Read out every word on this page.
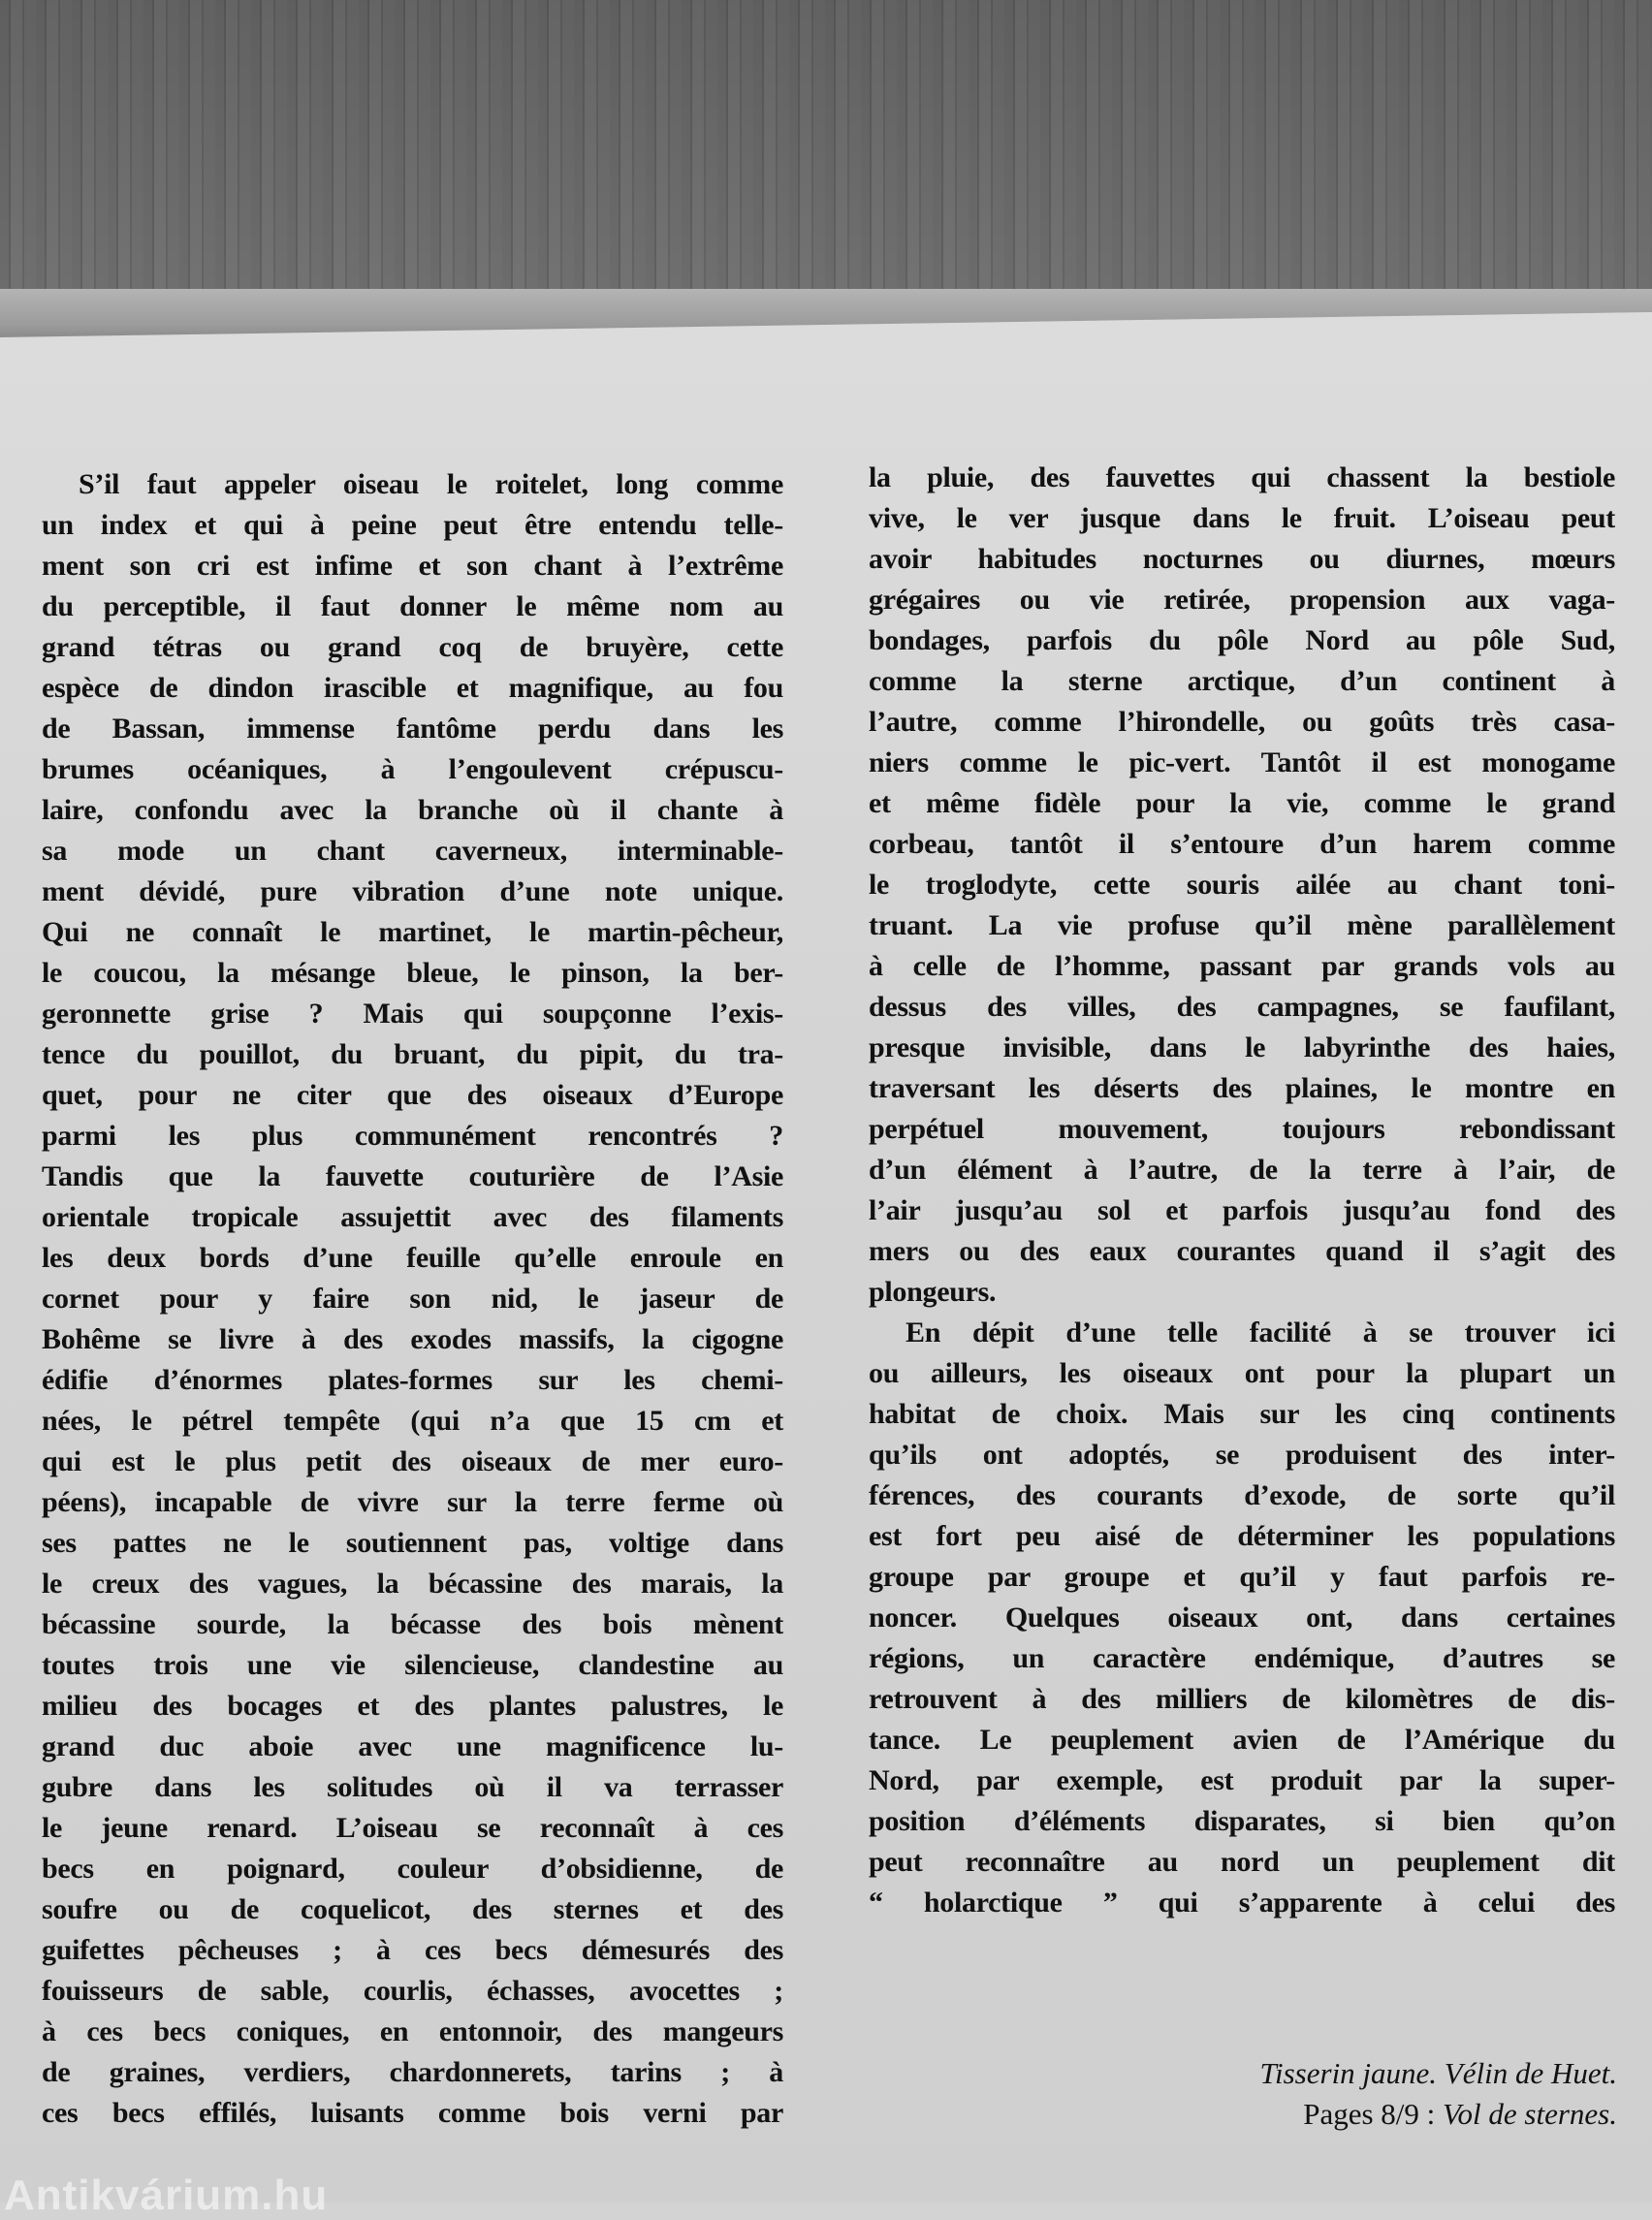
S’il faut appeler oiseau le roitelet, long comme
un index et qui à peine peut être entendu telle-
ment son cri est infime et son chant à l’extrême
du perceptible, il faut donner le même nom au
grand tétras ou grand coq de bruyère, cette
espèce de dindon irascible et magnifique, au fou
de Bassan, immense fantôme perdu dans les
brumes océaniques, à l’engoulevent crépuscu-
laire, confondu avec la branche où il chante à
sa mode un chant caverneux, interminable-
ment dévidé, pure vibration d’une note unique.
Qui ne connaît le martinet, le martin-pêcheur,
le coucou, la mésange bleue, le pinson, la ber-
geronnette grise ? Mais qui soupçonne l’exis-
tence du pouillot, du bruant, du pipit, du tra-
quet, pour ne citer que des oiseaux d’Europe
parmi les plus communément rencontrés ?
Tandis que la fauvette couturière de l’Asie
orientale tropicale assujettit avec des filaments
les deux bords d’une feuille qu’elle enroule en
cornet pour y faire son nid, le jaseur de
Bohême se livre à des exodes massifs, la cigogne
édifie d’énormes plates-formes sur les chemi-
nées, le pétrel tempête (qui n’a que 15 cm et
qui est le plus petit des oiseaux de mer euro-
péens), incapable de vivre sur la terre ferme où
ses pattes ne le soutiennent pas, voltige dans
le creux des vagues, la bécassine des marais, la
bécassine sourde, la bécasse des bois mènent
toutes trois une vie silencieuse, clandestine au
milieu des bocages et des plantes palustres, le
grand duc aboie avec une magnificence lu-
gubre dans les solitudes où il va terrasser
le jeune renard. L’oiseau se reconnaît à ces
becs en poignard, couleur d’obsidienne, de
soufre ou de coquelicot, des sternes et des
guifettes pêcheuses ; à ces becs démesurés des
fouisseurs de sable, courlis, échasses, avocettes ;
à ces becs coniques, en entonnoir, des mangeurs
de graines, verdiers, chardonnerets, tarins ; à
ces becs effilés, luisants comme bois verni par
la pluie, des fauvettes qui chassent la bestiole
vive, le ver jusque dans le fruit. L’oiseau peut
avoir habitudes nocturnes ou diurnes, mœurs
grégaires ou vie retirée, propension aux vaga-
bondages, parfois du pôle Nord au pôle Sud,
comme la sterne arctique, d’un continent à
l’autre, comme l’hirondelle, ou goûts très casa-
niers comme le pic-vert. Tantôt il est monogame
et même fidèle pour la vie, comme le grand
corbeau, tantôt il s’entoure d’un harem comme
le troglodyte, cette souris ailée au chant toni-
truant. La vie profuse qu’il mène parallèlement
à celle de l’homme, passant par grands vols au
dessus des villes, des campagnes, se faufilant,
presque invisible, dans le labyrinthe des haies,
traversant les déserts des plaines, le montre en
perpétuel mouvement, toujours rebondissant
d’un élément à l’autre, de la terre à l’air, de
l’air jusqu’au sol et parfois jusqu’au fond des
mers ou des eaux courantes quand il s’agit des
plongeurs.
En dépit d’une telle facilité à se trouver ici
ou ailleurs, les oiseaux ont pour la plupart un
habitat de choix. Mais sur les cinq continents
qu’ils ont adoptés, se produisent des inter-
férences, des courants d’exode, de sorte qu’il
est fort peu aisé de déterminer les populations
groupe par groupe et qu’il y faut parfois re-
noncer. Quelques oiseaux ont, dans certaines
régions, un caractère endémique, d’autres se
retrouvent à des milliers de kilomètres de dis-
tance. Le peuplement avien de l’Amérique du
Nord, par exemple, est produit par la super-
position d’éléments disparates, si bien qu’on
peut reconnaître au nord un peuplement dit
“ holarctique ” qui s’apparente à celui des
Tisserin jaune. Vélin de Huet.
Pages 8/9 : Vol de sternes.
Antikvárium.hu
